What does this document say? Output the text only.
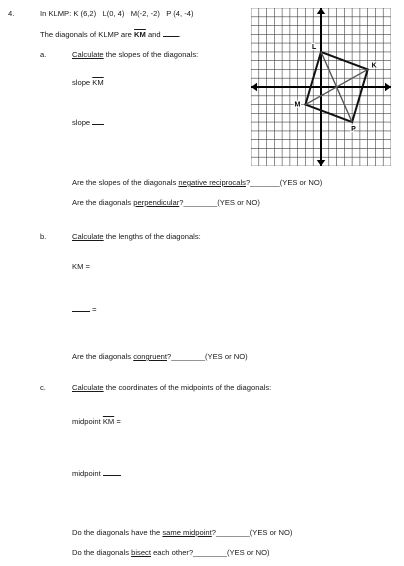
4.	In KLMP: K (6,2)   L(0, 4)   M(-2, -2)   P (4, -4)
The diagonals of KLMP are $\overline{KM}$ and .
K
L
M
P
a.	Calculate the slopes of the diagonals:
slope $\overline{KM}$
slope
Are the slopes of the diagonals negative reciprocals?_______(YES or NO)
Are the diagonals perpendicular?________(YES or NO)
b.	Calculate the lengths of the diagonals:
KM =
=
Are the diagonals congruent?________(YES or NO)
c.	Calculate the coordinates of the midpoints of the diagonals:
midpoint $\overline{KM}$ =
midpoint
Do the diagonals have the same midpoint?________(YES or NO)
Do the diagonals bisect each other?________(YES or NO)
